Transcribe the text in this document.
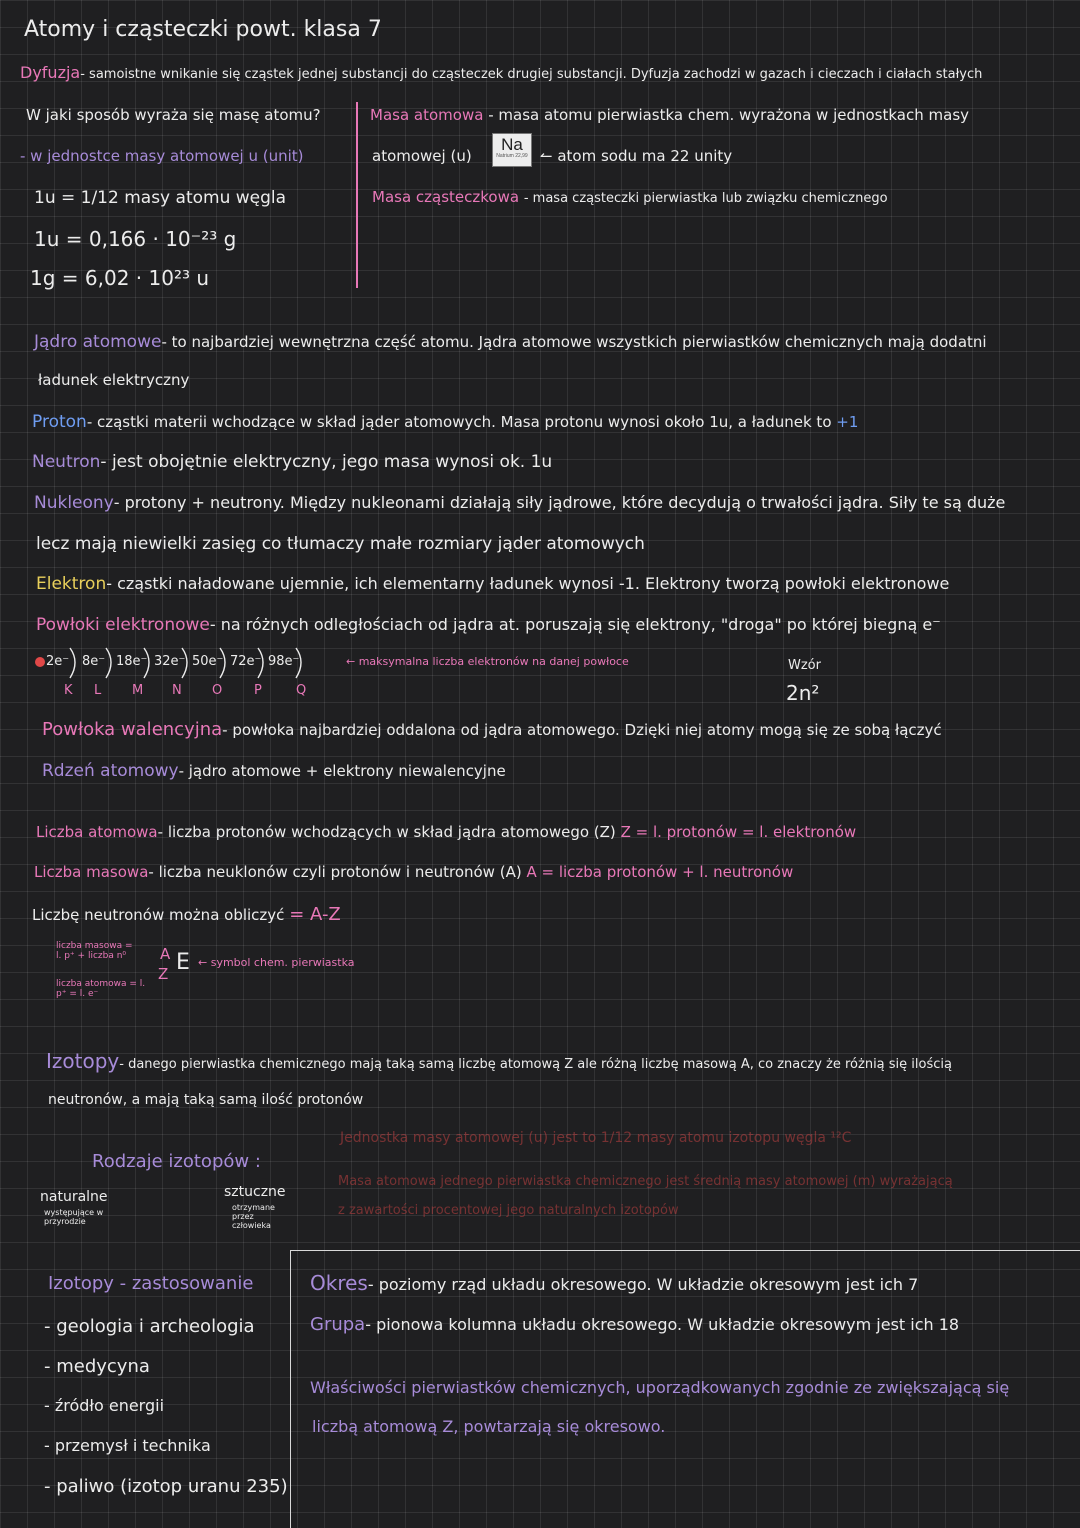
Atomy i cząsteczki powt. klasa 7
Dyfuzja- samoistne wnikanie się cząstek jednej substancji do cząsteczek drugiej substancji. Dyfuzja zachodzi w gazach i cieczach i ciałach stałych
W jaki sposób wyraża się masę atomu?
- w jednostce masy atomowej u (unit)
1u = 1/12 masy atomu węgla
1u = 0,166 · 10⁻²³ g
1g = 6,02 · 10²³ u
Masa atomowa - masa atomu pierwiastka chem. wyrażona w jednostkach masy
atomowej (u)
Na
Natrium 22,99 ↼ atom sodu ma 22 unity
Masa cząsteczkowa - masa cząsteczki pierwiastka lub związku chemicznego
Jądro atomowe- to najbardziej wewnętrzna część atomu. Jądra atomowe wszystkich pierwiastków chemicznych mają dodatni
ładunek elektryczny
Proton- cząstki materii wchodzące w skład jąder atomowych. Masa protonu wynosi około 1u, a ładunek to +1
Neutron- jest obojętnie elektryczny, jego masa wynosi ok. 1u
Nukleony- protony + neutrony. Między nukleonami działają siły jądrowe, które decydują o trwałości jądra. Siły te są duże
lecz mają niewielki zasięg co tłumaczy małe rozmiary jąder atomowych
Elektron- cząstki naładowane ujemnie, ich elementarny ładunek wynosi -1. Elektrony tworzą powłoki elektronowe
Powłoki elektronowe- na różnych odległościach od jądra at. poruszają się elektrony, "droga" po której biegną e⁻
2e⁻ 8e⁻ 18e⁻ 32e⁻ 50e⁻ 72e⁻ 98e⁻
K L M N O P	Q
← maksymalna liczba elektronów na danej powłoce	Wzór
2n²
Powłoka walencyjna- powłoka najbardziej oddalona od jądra atomowego. Dzięki niej atomy mogą się ze sobą łączyć
Rdzeń atomowy- jądro atomowe + elektrony niewalencyjne
Liczba atomowa- liczba protonów wchodzących w skład jądra atomowego (Z) Z = l. protonów = l. elektronów
Liczba masowa- liczba neuklonów czyli protonów i neutronów (A) A = liczba protonów + l. neutronów
Liczbę neutronów można obliczyć = A-Z
liczba masowa = l. p⁺ + liczba n⁰
liczba atomowa = l. p⁺ = l. e⁻
A
Z E ← symbol chem. pierwiastka
Izotopy- danego pierwiastka chemicznego mają taką samą liczbę atomową Z ale różną liczbę masową A, co znaczy że różnią się ilością
neutronów, a mają taką samą ilość protonów
Jednostka masy atomowej (u) jest to 1/12 masy atomu izotopu węgla ¹²C
Masa atomowa jednego pierwiastka chemicznego jest średnią masy atomowej (m) wyrażającą
z zawartości procentowej jego naturalnych izotopów
Rodzaje izotopów :
naturalne
występujące w przyrodzie
sztuczne
otrzymane przez człowieka
Izotopy - zastosowanie
- geologia i archeologia
- medycyna
- źródło energii
- przemysł i technika
- paliwo (izotop uranu 235)
Okres- poziomy rząd układu okresowego. W układzie okresowym jest ich 7
Grupa- pionowa kolumna układu okresowego. W układzie okresowym jest ich 18
Właściwości pierwiastków chemicznych, uporządkowanych zgodnie ze zwiększającą się
liczbą atomową Z, powtarzają się okresowo.
